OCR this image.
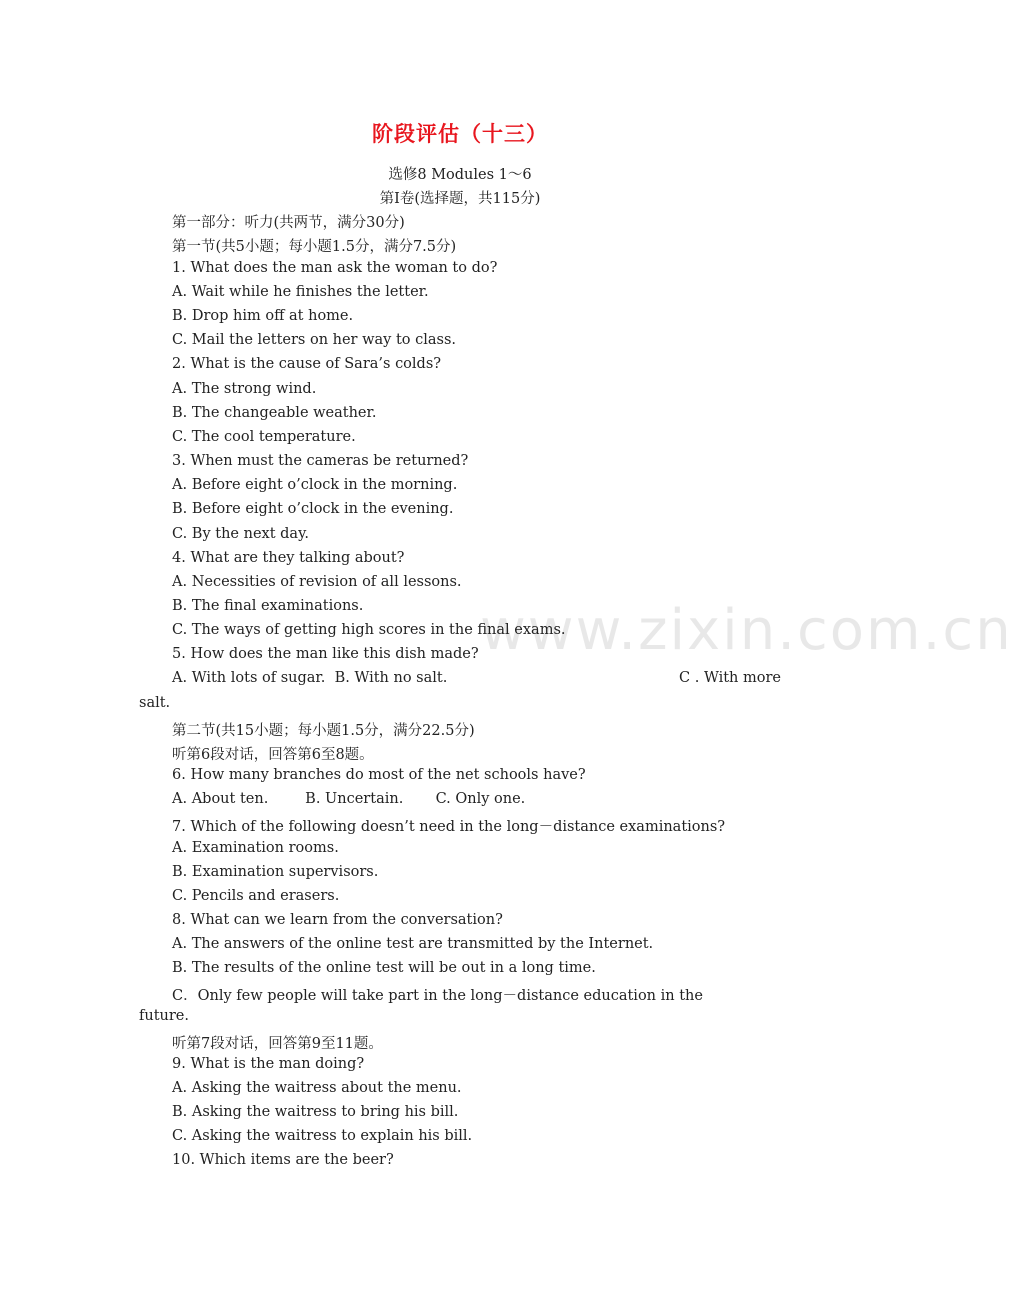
www.zixin.com.cn
阶段评估（十三）
选修8 Modules 1～6
第Ⅰ卷(选择题，共115分)
第一部分：听力(共两节，满分30分)
第一节(共5小题；每小题1.5分，满分7.5分)
1. What does the man ask the woman to do?
A. Wait while he finishes the letter.
B. Drop him off at home.
C. Mail the letters on her way to class.
2. What is the cause of Sara’s colds?
A. The strong wind.
B. The changeable weather.
C. The cool temperature.
3. When must the cameras be returned?
A. Before eight o’clock in the morning.
B. Before eight o’clock in the evening.
C. By the next day.
4. What are they talking about?
A. Necessities of revision of all lessons.
B. The final examinations.
C. The ways of getting high scores in the final exams.
5. How does the man like this dish made?
A. With lots of sugar.  B. With no salt.	C . With more
salt.
第二节(共15小题；每小题1.5分，满分22.5分)
听第6段对话，回答第6至8题。
6. How many branches do most of the net schools have?
A. About ten.        B. Uncertain.       C. Only one.
7. Which of the following doesn’t need in the long－distance examinations?
A. Examination rooms.
B. Examination supervisors.
C. Pencils and erasers.
8. What can we learn from the conversation?
A. The answers of the online test are transmitted by the Internet.
B. The results of the online test will be out in a long time.
C．Only few people will take part in the long－distance education in the
future.
听第7段对话，回答第9至11题。
9. What is the man doing?
A. Asking the waitress about the menu.
B. Asking the waitress to bring his bill.
C. Asking the waitress to explain his bill.
10. Which items are the beer?
